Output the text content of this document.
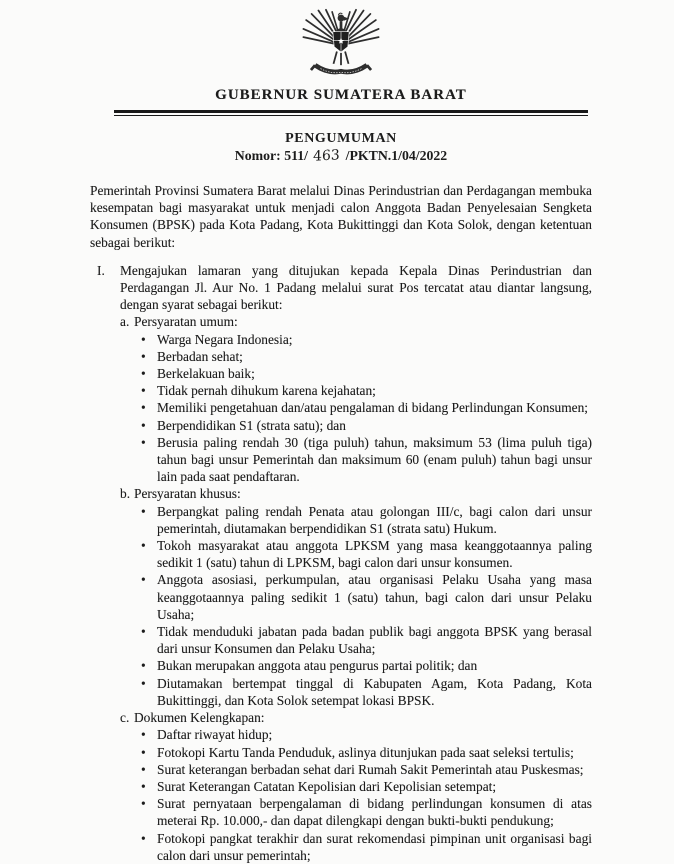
GUBERNUR SUMATERA BARAT
PENGUMUMAN
Nomor: 511/ 463 /PKTN.1/04/2022

Pemerintah Provinsi Sumatera Barat melalui Dinas Perindustrian dan Perdagangan membuka kesempatan bagi masyarakat untuk menjadi calon Anggota Badan Penyelesaian Sengketa Konsumen (BPSK) pada Kota Padang, Kota Bukittinggi dan Kota Solok, dengan ketentuan sebagai berikut:

I.	Mengajukan lamaran yang ditujukan kepada Kepala Dinas Perindustrian dan Perdagangan Jl. Aur No. 1 Padang melalui surat Pos tercatat atau diantar langsung, dengan syarat sebagai berikut:
a. Persyaratan umum:
• Warga Negara Indonesia;
• Berbadan sehat;
• Berkelakuan baik;
• Tidak pernah dihukum karena kejahatan;
• Memiliki pengetahuan dan/atau pengalaman di bidang Perlindungan Konsumen;
• Berpendidikan S1 (strata satu); dan
• Berusia paling rendah 30 (tiga puluh) tahun, maksimum 53 (lima puluh tiga) tahun bagi unsur Pemerintah dan maksimum 60 (enam puluh) tahun bagi unsur lain pada saat pendaftaran.
b. Persyaratan khusus:
• Berpangkat paling rendah Penata atau golongan III/c, bagi calon dari unsur pemerintah, diutamakan berpendidikan S1 (strata satu) Hukum.
• Tokoh masyarakat atau anggota LPKSM yang masa keanggotaannya paling sedikit 1 (satu) tahun di LPKSM, bagi calon dari unsur konsumen.
• Anggota asosiasi, perkumpulan, atau organisasi Pelaku Usaha yang masa keanggotaannya paling sedikit 1 (satu) tahun, bagi calon dari unsur Pelaku Usaha;
• Tidak menduduki jabatan pada badan publik bagi anggota BPSK yang berasal dari unsur Konsumen dan Pelaku Usaha;
• Bukan merupakan anggota atau pengurus partai politik; dan
• Diutamakan bertempat tinggal di Kabupaten Agam, Kota Padang, Kota Bukittinggi, dan Kota Solok setempat lokasi BPSK.
c. Dokumen Kelengkapan:
• Daftar riwayat hidup;
• Fotokopi Kartu Tanda Penduduk, aslinya ditunjukan pada saat seleksi tertulis;
• Surat keterangan berbadan sehat dari Rumah Sakit Pemerintah atau Puskesmas;
• Surat Keterangan Catatan Kepolisian dari Kepolisian setempat;
• Surat pernyataan berpengalaman di bidang perlindungan konsumen di atas meterai Rp. 10.000,- dan dapat dilengkapi dengan bukti-bukti pendukung;
• Fotokopi pangkat terakhir dan surat rekomendasi pimpinan unit organisasi bagi calon dari unsur pemerintah;
